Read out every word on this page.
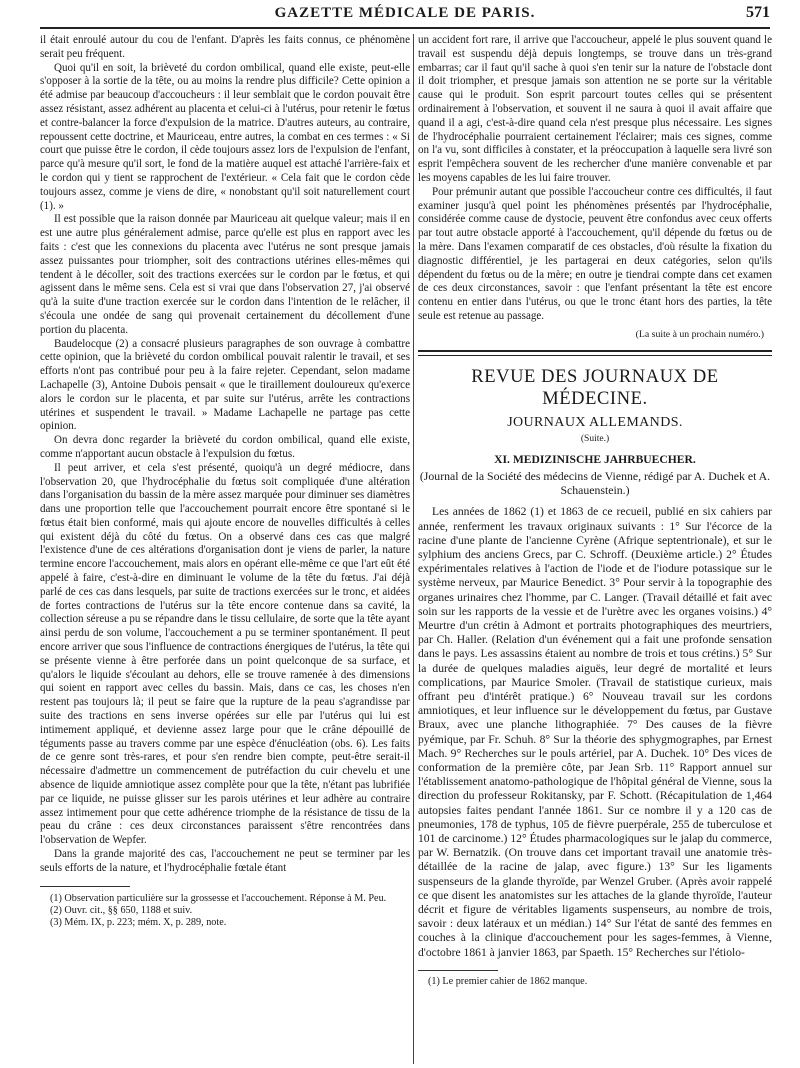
GAZETTE MÉDICALE DE PARIS.	571

il était enroulé autour du cou de l'enfant. D'après les faits connus, ce phénomène serait peu fréquent.

Quoi qu'il en soit, la brièveté du cordon ombilical, quand elle existe, peut-elle s'opposer à la sortie de la tête, ou au moins la rendre plus difficile? Cette opinion a été admise par beaucoup d'accoucheurs : il leur semblait que le cordon pouvait être assez résistant, assez adhérent au placenta et celui-ci à l'utérus, pour retenir le fœtus et contre-balancer la force d'expulsion de la matrice. D'autres auteurs, au contraire, repoussent cette doctrine, et Mauriceau, entre autres, la combat en ces termes : « Si court que puisse être le cordon, il cède toujours assez lors de l'expulsion de l'enfant, parce qu'à mesure qu'il sort, le fond de la matière auquel est attaché l'arrière-faix et le cordon qui y tient se rapprochent de l'extérieur. « Cela fait que le cordon cède toujours assez, comme je viens de dire, « nonobstant qu'il soit naturellement court (1). »

Il est possible que la raison donnée par Mauriceau ait quelque valeur; mais il en est une autre plus généralement admise, parce qu'elle est plus en rapport avec les faits : c'est que les connexions du placenta avec l'utérus ne sont presque jamais assez puissantes pour triompher, soit des contractions utérines elles-mêmes qui tendent à le décoller, soit des tractions exercées sur le cordon par le fœtus, et qui agissent dans le même sens. Cela est si vrai que dans l'observation 27, j'ai observé qu'à la suite d'une traction exercée sur le cordon dans l'intention de le relâcher, il s'écoula une ondée de sang qui provenait certainement du décollement d'une portion du placenta.

Baudelocque (2) a consacré plusieurs paragraphes de son ouvrage à combattre cette opinion, que la brièveté du cordon ombilical pouvait ralentir le travail, et ses efforts n'ont pas contribué pour peu à la faire rejeter. Cependant, selon madame Lachapelle (3), Antoine Dubois pensait « que le tiraillement douloureux qu'exerce alors le cordon sur le placenta, et par suite sur l'utérus, arrête les contractions utérines et suspendent le travail. » Madame Lachapelle ne partage pas cette opinion.

On devra donc regarder la brièveté du cordon ombilical, quand elle existe, comme n'apportant aucun obstacle à l'expulsion du fœtus.

Il peut arriver, et cela s'est présenté, quoiqu'à un degré médiocre, dans l'observation 20, que l'hydrocéphalie du fœtus soit compliquée d'une altération dans l'organisation du bassin de la mère assez marquée pour diminuer ses diamètres dans une proportion telle que l'accouchement pourrait encore être spontané si le fœtus était bien conformé, mais qui ajoute encore de nouvelles difficultés à celles qui existent déjà du côté du fœtus. On a observé dans ces cas que malgré l'existence d'une de ces altérations d'organisation dont je viens de parler, la nature termine encore l'accouchement, mais alors en opérant elle-même ce que l'art eût été appelé à faire, c'est-à-dire en diminuant le volume de la tête du fœtus. J'ai déjà parlé de ces cas dans lesquels, par suite de tractions exercées sur le tronc, et aidées de fortes contractions de l'utérus sur la tête encore contenue dans sa cavité, la collection séreuse a pu se répandre dans le tissu cellulaire, de sorte que la tête ayant ainsi perdu de son volume, l'accouchement a pu se terminer spontanément. Il peut encore arriver que sous l'influence de contractions énergiques de l'utérus, la tête qui se présente vienne à être perforée dans un point quelconque de sa surface, et qu'alors le liquide s'écoulant au dehors, elle se trouve ramenée à des dimensions qui soient en rapport avec celles du bassin. Mais, dans ce cas, les choses n'en restent pas toujours là; il peut se faire que la rupture de la peau s'agrandisse par suite des tractions en sens inverse opérées sur elle par l'utérus qui lui est intimement appliqué, et devienne assez large pour que le crâne dépouillé de téguments passe au travers comme par une espèce d'énucléation (obs. 6). Les faits de ce genre sont très-rares, et pour s'en rendre bien compte, peut-être serait-il nécessaire d'admettre un commencement de putréfaction du cuir chevelu et une absence de liquide amniotique assez complète pour que la tête, n'étant pas lubrifiée par ce liquide, ne puisse glisser sur les parois utérines et leur adhère au contraire assez intimement pour que cette adhérence triomphe de la résistance de tissu de la peau du crâne : ces deux circonstances paraissent s'être rencontrées dans l'observation de Wepfer.

Dans la grande majorité des cas, l'accouchement ne peut se terminer par les seuls efforts de la nature, et l'hydrocéphalie fœtale étant

(1) Observation particulière sur la grossesse et l'accouchement. Réponse à M. Peu.

(2) Ouvr. cit., §§ 650, 1188 et suiv.

(3) Mém. IX, p. 223; mém. X, p. 289, note.

un accident fort rare, il arrive que l'accoucheur, appelé le plus souvent quand le travail est suspendu déjà depuis longtemps, se trouve dans un très-grand embarras; car il faut qu'il sache à quoi s'en tenir sur la nature de l'obstacle dont il doit triompher, et presque jamais son attention ne se porte sur la véritable cause qui le produit. Son esprit parcourt toutes celles qui se présentent ordinairement à l'observation, et souvent il ne saura à quoi il avait affaire que quand il a agi, c'est-à-dire quand cela n'est presque plus nécessaire. Les signes de l'hydrocéphalie pourraient certainement l'éclairer; mais ces signes, comme on l'a vu, sont difficiles à constater, et la préoccupation à laquelle sera livré son esprit l'empêchera souvent de les rechercher d'une manière convenable et par les moyens capables de les lui faire trouver.

Pour prémunir autant que possible l'accoucheur contre ces difficultés, il faut examiner jusqu'à quel point les phénomènes présentés par l'hydrocéphalie, considérée comme cause de dystocie, peuvent être confondus avec ceux offerts par tout autre obstacle apporté à l'accouchement, qu'il dépende du fœtus ou de la mère. Dans l'examen comparatif de ces obstacles, d'où résulte la fixation du diagnostic différentiel, je les partagerai en deux catégories, selon qu'ils dépendent du fœtus ou de la mère; en outre je tiendrai compte dans cet examen de ces deux circonstances, savoir : que l'enfant présentant la tête est encore contenu en entier dans l'utérus, ou que le tronc étant hors des parties, la tête seule est retenue au passage.

(La suite à un prochain numéro.)
REVUE DES JOURNAUX DE MÉDECINE.
JOURNAUX ALLEMANDS.
(Suite.)
XI. MEDIZINISCHE JAHRBUECHER.
(Journal de la Société des médecins de Vienne, rédigé par A. Duchek et A. Schauenstein.)

Les années de 1862 (1) et 1863 de ce recueil, publié en six cahiers par année, renferment les travaux originaux suivants : 1° Sur l'écorce de la racine d'une plante de l'ancienne Cyrène (Afrique septentrionale), et sur le sylphium des anciens Grecs, par C. Schroff. (Deuxième article.) 2° Études expérimentales relatives à l'action de l'iode et de l'iodure potassique sur le système nerveux, par Maurice Benedict. 3° Pour servir à la topographie des organes urinaires chez l'homme, par C. Langer. (Travail détaillé et fait avec soin sur les rapports de la vessie et de l'urètre avec les organes voisins.) 4° Meurtre d'un crétin à Admont et portraits photographiques des meurtriers, par Ch. Haller. (Relation d'un événement qui a fait une profonde sensation dans le pays. Les assassins étaient au nombre de trois et tous crétins.) 5° Sur la durée de quelques maladies aiguës, leur degré de mortalité et leurs complications, par Maurice Smoler. (Travail de statistique curieux, mais offrant peu d'intérêt pratique.) 6° Nouveau travail sur les cordons amniotiques, et leur influence sur le développement du fœtus, par Gustave Braux, avec une planche lithographiée. 7° Des causes de la fièvre pyémique, par Fr. Schuh. 8° Sur la théorie des sphygmographes, par Ernest Mach. 9° Recherches sur le pouls artériel, par A. Duchek. 10° Des vices de conformation de la première côte, par Jean Srb. 11° Rapport annuel sur l'établissement anatomo-pathologique de l'hôpital général de Vienne, sous la direction du professeur Rokitansky, par F. Schott. (Récapitulation de 1,464 autopsies faites pendant l'année 1861. Sur ce nombre il y a 120 cas de pneumonies, 178 de typhus, 105 de fièvre puerpérale, 255 de tuberculose et 101 de carcinome.) 12° Études pharmacologiques sur le jalap du commerce, par W. Bernatzik. (On trouve dans cet important travail une anatomie très-détaillée de la racine de jalap, avec figure.) 13° Sur les ligaments suspenseurs de la glande thyroïde, par Wenzel Gruber. (Après avoir rappelé ce que disent les anatomistes sur les attaches de la glande thyroïde, l'auteur décrit et figure de véritables ligaments suspenseurs, au nombre de trois, savoir : deux latéraux et un médian.) 14° Sur l'état de santé des femmes en couches à la clinique d'accouchement pour les sages-femmes, à Vienne, d'octobre 1861 à janvier 1863, par Spaeth. 15° Recherches sur l'étiolo-

(1) Le premier cahier de 1862 manque.
